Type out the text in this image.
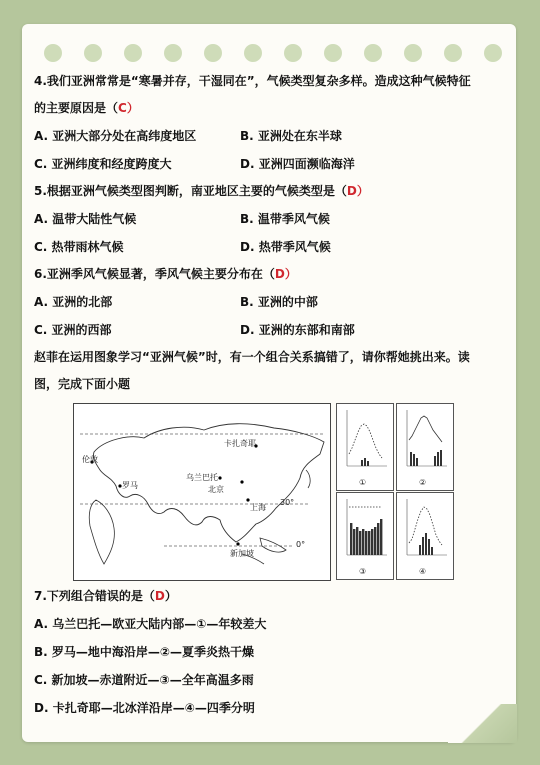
4.我们亚洲常常是“寒暑并存，干湿同在”，气候类型复杂多样。造成这种气候特征
的主要原因是（C）
A. 亚洲大部分处在高纬度地区	B. 亚洲处在东半球
C. 亚洲纬度和经度跨度大	D. 亚洲四面濒临海洋
5.根据亚洲气候类型图判断，南亚地区主要的气候类型是（D）
A. 温带大陆性气候	B. 温带季风气候
C. 热带雨林气候	D. 热带季风气候
6.亚洲季风气候显著，季风气候主要分布在（D）
A. 亚洲的北部	B. 亚洲的中部
C. 亚洲的西部	D. 亚洲的东部和南部
赵菲在运用图象学习“亚洲气候”时，有一个组合关系搞错了，请你帮她挑出来。读
图，完成下面小题
7.下列组合错误的是（D）
A. 乌兰巴托—欧亚大陆内部—①—年较差大
B. 罗马—地中海沿岸—②—夏季炎热干燥
C. 新加坡—赤道附近—③—全年高温多雨
D. 卡扎奇耶—北冰洋沿岸—④—四季分明
卡扎奇耶
乌兰巴托
北京
新加坡
罗马
上海
伦敦
30°
0°
①	②
③	④
